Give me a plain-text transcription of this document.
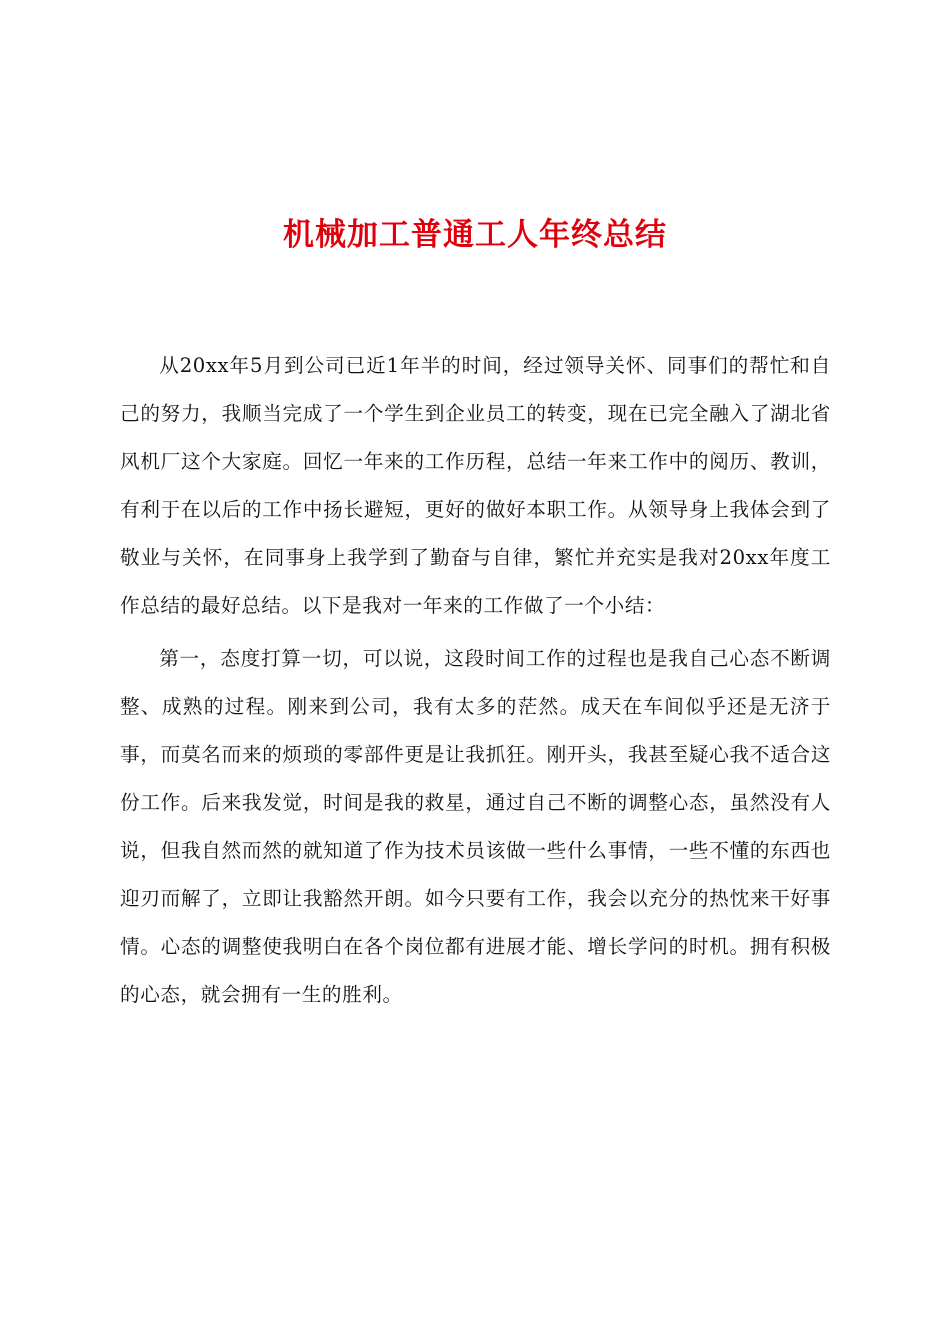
机械加工普通工人年终总结

从20xx年5月到公司已近1年半的时间，经过领导关怀、同事们的帮忙和自己的努力，我顺当完成了一个学生到企业员工的转变，现在已完全融入了湖北省风机厂这个大家庭。回忆一年来的工作历程，总结一年来工作中的阅历、教训，有利于在以后的工作中扬长避短，更好的做好本职工作。从领导身上我体会到了敬业与关怀，在同事身上我学到了勤奋与自律，繁忙并充实是我对20xx年度工作总结的最好总结。以下是我对一年来的工作做了一个小结：

第一，态度打算一切，可以说，这段时间工作的过程也是我自己心态不断调整、成熟的过程。刚来到公司，我有太多的茫然。成天在车间似乎还是无济于事，而莫名而来的烦琐的零部件更是让我抓狂。刚开头，我甚至疑心我不适合这份工作。后来我发觉，时间是我的救星，通过自己不断的调整心态，虽然没有人说，但我自然而然的就知道了作为技术员该做一些什么事情，一些不懂的东西也迎刃而解了，立即让我豁然开朗。如今只要有工作，我会以充分的热忱来干好事情。心态的调整使我明白在各个岗位都有进展才能、增长学问的时机。拥有积极的心态，就会拥有一生的胜利。
